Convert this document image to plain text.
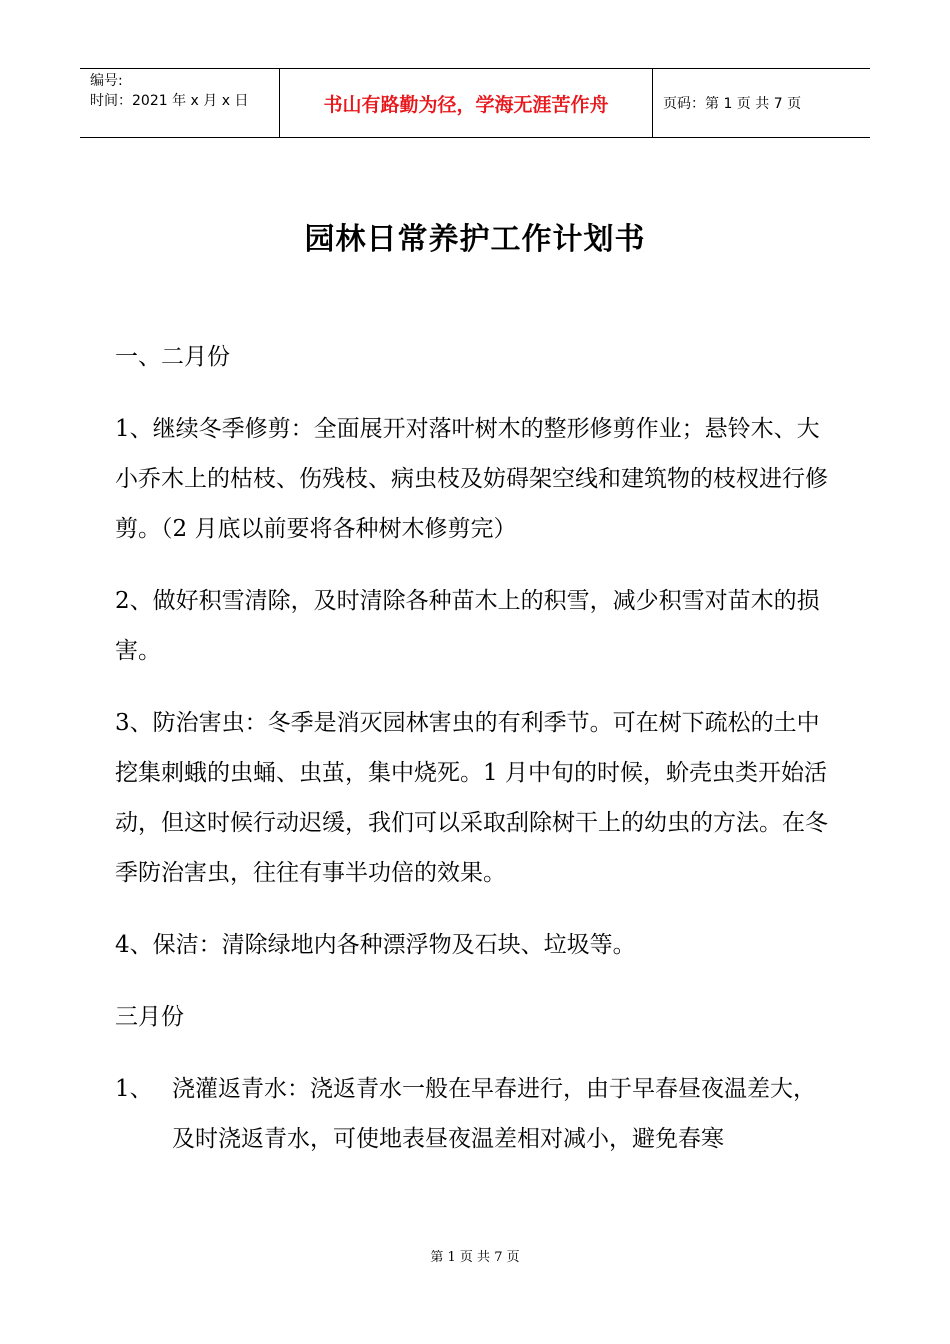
编号:
时间：2021 年 x 月 x 日	书山有路勤为径，学海无涯苦作舟	页码：第 1 页 共 7 页
园林日常养护工作计划书
一、二月份
1、继续冬季修剪：全面展开对落叶树木的整形修剪作业；悬铃木、大小乔木上的枯枝、伤残枝、病虫枝及妨碍架空线和建筑物的枝杈进行修剪。（2 月底以前要将各种树木修剪完）
2、做好积雪清除，及时清除各种苗木上的积雪，减少积雪对苗木的损害。
3、防治害虫：冬季是消灭园林害虫的有利季节。可在树下疏松的土中挖集刺蛾的虫蛹、虫茧，集中烧死。1 月中旬的时候，蚧壳虫类开始活动，但这时候行动迟缓，我们可以采取刮除树干上的幼虫的方法。在冬季防治害虫，往往有事半功倍的效果。
4、保洁：清除绿地内各种漂浮物及石块、垃圾等。
三月份
1、 浇灌返青水：浇返青水一般在早春进行，由于早春昼夜温差大，及时浇返青水，可使地表昼夜温差相对减小，避免春寒
第 1 页 共 7 页
